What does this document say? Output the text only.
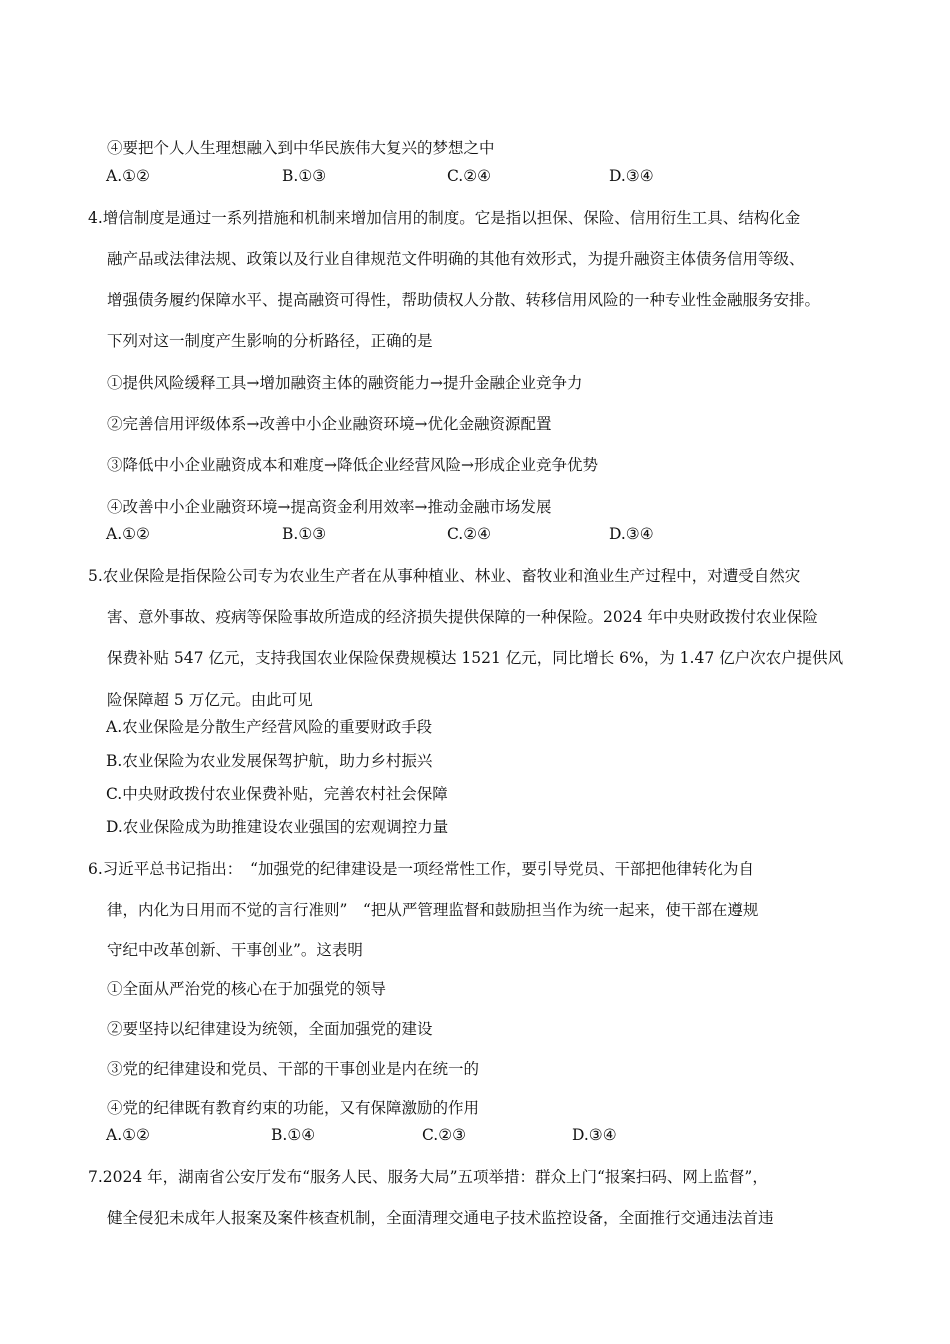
④要把个人人生理想融入到中华民族伟大复兴的梦想之中
A.①②	B.①③	C.②④	D.③④
4.增信制度是通过一系列措施和机制来增加信用的制度。它是指以担保、保险、信用衍生工具、结构化金
融产品或法律法规、政策以及行业自律规范文件明确的其他有效形式，为提升融资主体债务信用等级、
增强债务履约保障水平、提高融资可得性，帮助债权人分散、转移信用风险的一种专业性金融服务安排。
下列对这一制度产生影响的分析路径，正确的是
①提供风险缓释工具→增加融资主体的融资能力→提升金融企业竞争力
②完善信用评级体系→改善中小企业融资环境→优化金融资源配置
③降低中小企业融资成本和难度→降低企业经营风险→形成企业竞争优势
④改善中小企业融资环境→提高资金利用效率→推动金融市场发展
A.①②	B.①③	C.②④	D.③④
5.农业保险是指保险公司专为农业生产者在从事种植业、林业、畜牧业和渔业生产过程中，对遭受自然灾
害、意外事故、疫病等保险事故所造成的经济损失提供保障的一种保险。2024 年中央财政拨付农业保险
保费补贴 547 亿元，支持我国农业保险保费规模达 1521 亿元，同比增长 6%，为 1.47 亿户次农户提供风
险保障超 5 万亿元。由此可见
A.农业保险是分散生产经营风险的重要财政手段
B.农业保险为农业发展保驾护航，助力乡村振兴
C.中央财政拨付农业保费补贴，完善农村社会保障
D.农业保险成为助推建设农业强国的宏观调控力量
6.习近平总书记指出：　“加强党的纪律建设是一项经常性工作，要引导党员、干部把他律转化为自
律，内化为日用而不觉的言行准则”　“把从严管理监督和鼓励担当作为统一起来，使干部在遵规
守纪中改革创新、干事创业”。这表明
①全面从严治党的核心在于加强党的领导
②要坚持以纪律建设为统领，全面加强党的建设
③党的纪律建设和党员、干部的干事创业是内在统一的
④党的纪律既有教育约束的功能，又有保障激励的作用
A.①②	B.①④	C.②③	D.③④
7.2024 年，湖南省公安厅发布“服务人民、服务大局”五项举措：群众上门“报案扫码、网上监督”，
健全侵犯未成年人报案及案件核查机制，全面清理交通电子技术监控设备，全面推行交通违法首违
